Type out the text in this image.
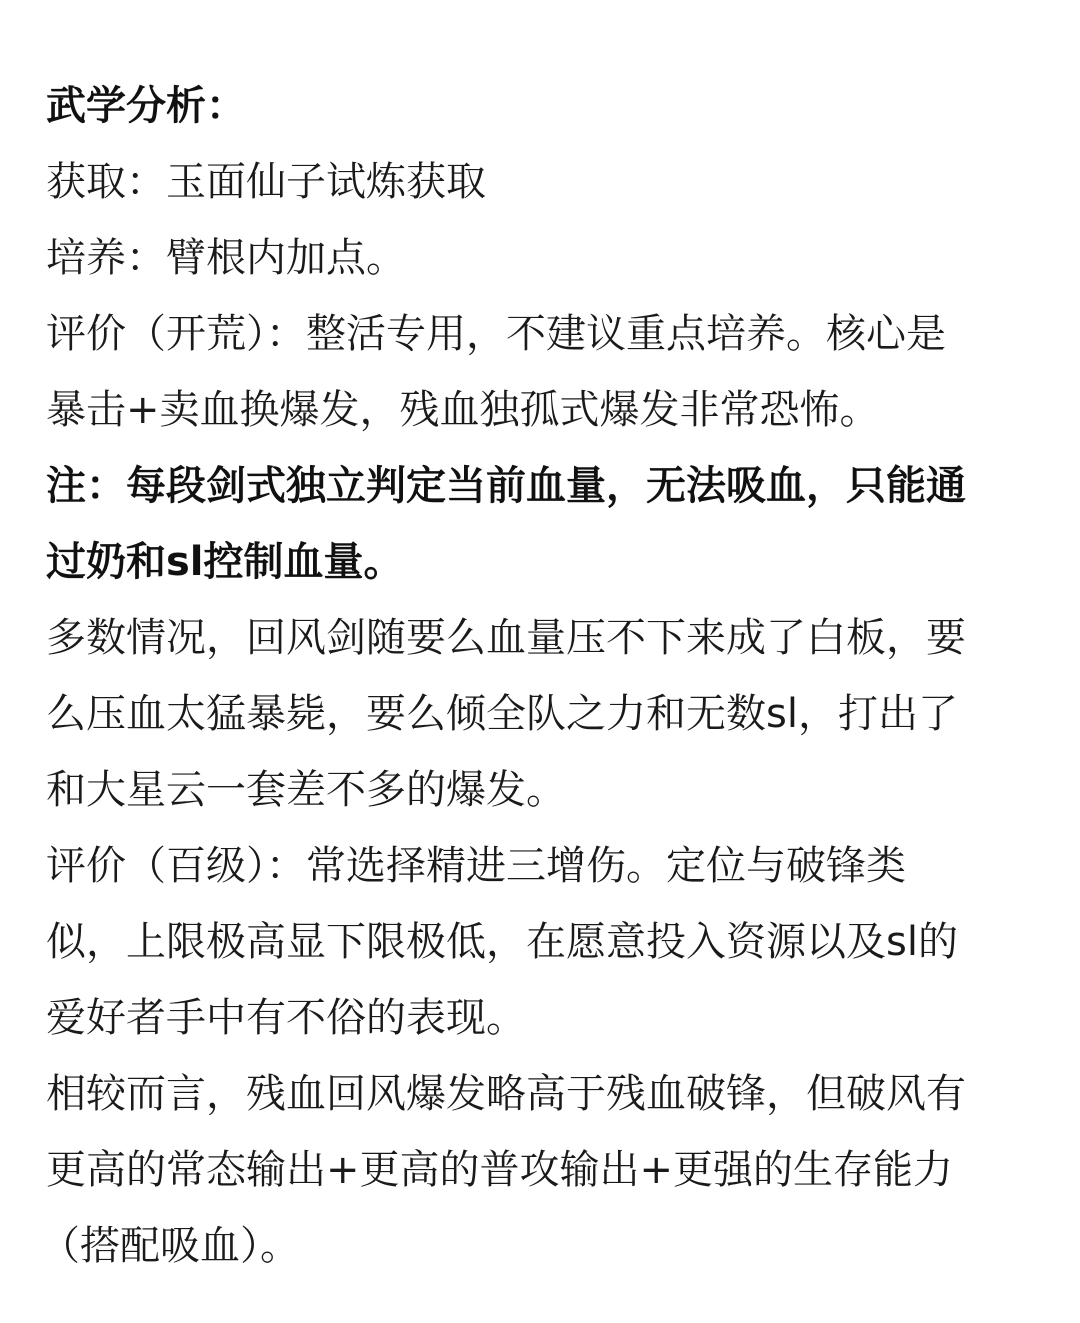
武学分析：
获取：玉面仙子试炼获取
培养：臂根内加点。
评价（开荒）：整活专用，不建议重点培养。核心是
暴击+卖血换爆发，残血独孤式爆发非常恐怖。
注：每段剑式独立判定当前血量，无法吸血，只能通
过奶和sl控制血量。
多数情况，回风剑随要么血量压不下来成了白板，要
么压血太猛暴毙，要么倾全队之力和无数sl，打出了
和大星云一套差不多的爆发。
评价（百级）：常选择精进三增伤。定位与破锋类
似，上限极高显下限极低，在愿意投入资源以及sl的
爱好者手中有不俗的表现。
相较而言，残血回风爆发略高于残血破锋，但破风有
更高的常态输出+更高的普攻输出+更强的生存能力
（搭配吸血）。
